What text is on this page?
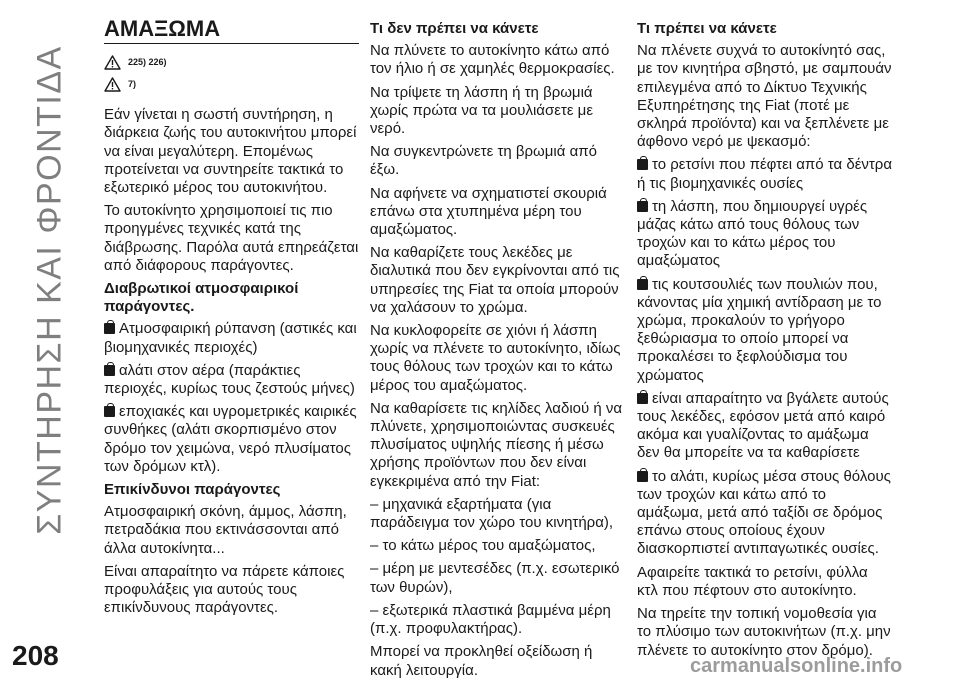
ΣΥΝΤΗΡΗΣΗ ΚΑΙ ΦΡΟΝΤΙΔΑ
208	carmanualsonline.info
ΑΜΑΞΩΜΑ
225) 226)
7)

Εάν γίνεται η σωστή συντήρηση, η διάρκεια ζωής του αυτοκινήτου μπορεί να είναι μεγαλύτερη. Επομένως προτείνεται να συντηρείτε τακτικά το εξωτερικό μέρος του αυτοκινήτου.

Το αυτοκίνητο χρησιμοποιεί τις πιο προηγμένες τεχνικές κατά της διάβρωσης. Παρόλα αυτά επηρεάζεται από διάφορους παράγοντες.

Διαβρωτικοί ατμοσφαιρικοί παράγοντες.

Ατμοσφαιρική ρύπανση (αστικές και βιομηχανικές περιοχές)

αλάτι στον αέρα (παράκτιες περιοχές, κυρίως τους ζεστούς μήνες)

εποχιακές και υγρομετρικές καιρικές συνθήκες (αλάτι σκορπισμένο στον δρόμο τον χειμώνα, νερό πλυσίματος των δρόμων κτλ).

Επικίνδυνοι παράγοντες

Ατμοσφαιρική σκόνη, άμμος, λάσπη, πετραδάκια που εκτινάσσονται από άλλα αυτοκίνητα...

Είναι απαραίτητο να πάρετε κάποιες προφυλάξεις για αυτούς τους επικίνδυνους παράγοντες.

Τι δεν πρέπει να κάνετε

Να πλύνετε το αυτοκίνητο κάτω από τον ήλιο ή σε χαμηλές θερμοκρασίες.

Να τρίψετε τη λάσπη ή τη βρωμιά χωρίς πρώτα να τα μουλιάσετε με νερό.

Να συγκεντρώνετε τη βρωμιά από έξω.

Να αφήνετε να σχηματιστεί σκουριά επάνω στα χτυπημένα μέρη του αμαξώματος.

Να καθαρίζετε τους λεκέδες με διαλυτικά που δεν εγκρίνονται από τις υπηρεσίες της Fiat τα οποία μπορούν να χαλάσουν το χρώμα.

Να κυκλοφορείτε σε χιόνι ή λάσπη χωρίς να πλένετε το αυτοκίνητο, ιδίως τους θόλους των τροχών και το κάτω μέρος του αμαξώματος.

Να καθαρίσετε τις κηλίδες λαδιού ή να πλύνετε, χρησιμοποιώντας συσκευές πλυσίματος υψηλής πίεσης ή μέσω χρήσης προϊόντων που δεν είναι εγκεκριμένα από την Fiat:

– μηχανικά εξαρτήματα (για παράδειγμα τον χώρο του κινητήρα),

– το κάτω μέρος του αμαξώματος,

– μέρη με μεντεσέδες (π.χ. εσωτερικό των θυρών),

– εξωτερικά πλαστικά βαμμένα μέρη (π.χ. προφυλακτήρας).

Μπορεί να προκληθεί οξείδωση ή κακή λειτουργία.

Τι πρέπει να κάνετε

Να πλένετε συχνά το αυτοκίνητό σας, με τον κινητήρα σβηστό, με σαμπουάν επιλεγμένα από το Δίκτυο Τεχνικής Εξυπηρέτησης της Fiat (ποτέ με σκληρά προϊόντα) και να ξεπλένετε με άφθονο νερό με ψεκασμό:

το ρετσίνι που πέφτει από τα δέντρα ή τις βιομηχανικές ουσίες

τη λάσπη, που δημιουργεί υγρές μάζας κάτω από τους θόλους των τροχών και το κάτω μέρος του αμαξώματος

τις κουτσουλιές των πουλιών που, κάνοντας μία χημική αντίδραση με το χρώμα, προκαλούν το γρήγορο ξεθώριασμα το οποίο μπορεί να προκαλέσει το ξεφλούδισμα του χρώματος

είναι απαραίτητο να βγάλετε αυτούς τους λεκέδες, εφόσον μετά από καιρό ακόμα και γυαλίζοντας το αμάξωμα δεν θα μπορείτε να τα καθαρίσετε

το αλάτι, κυρίως μέσα στους θόλους των τροχών και κάτω από το αμάξωμα, μετά από ταξίδι σε δρόμος επάνω στους οποίους έχουν διασκορπιστεί αντιπαγωτικές ουσίες.

Αφαιρείτε τακτικά το ρετσίνι, φύλλα κτλ που πέφτουν στο αυτοκίνητο.

Να τηρείτε την τοπική νομοθεσία για το πλύσιμο των αυτοκινήτων (π.χ. μην πλένετε το αυτοκίνητο στον δρόμο).
